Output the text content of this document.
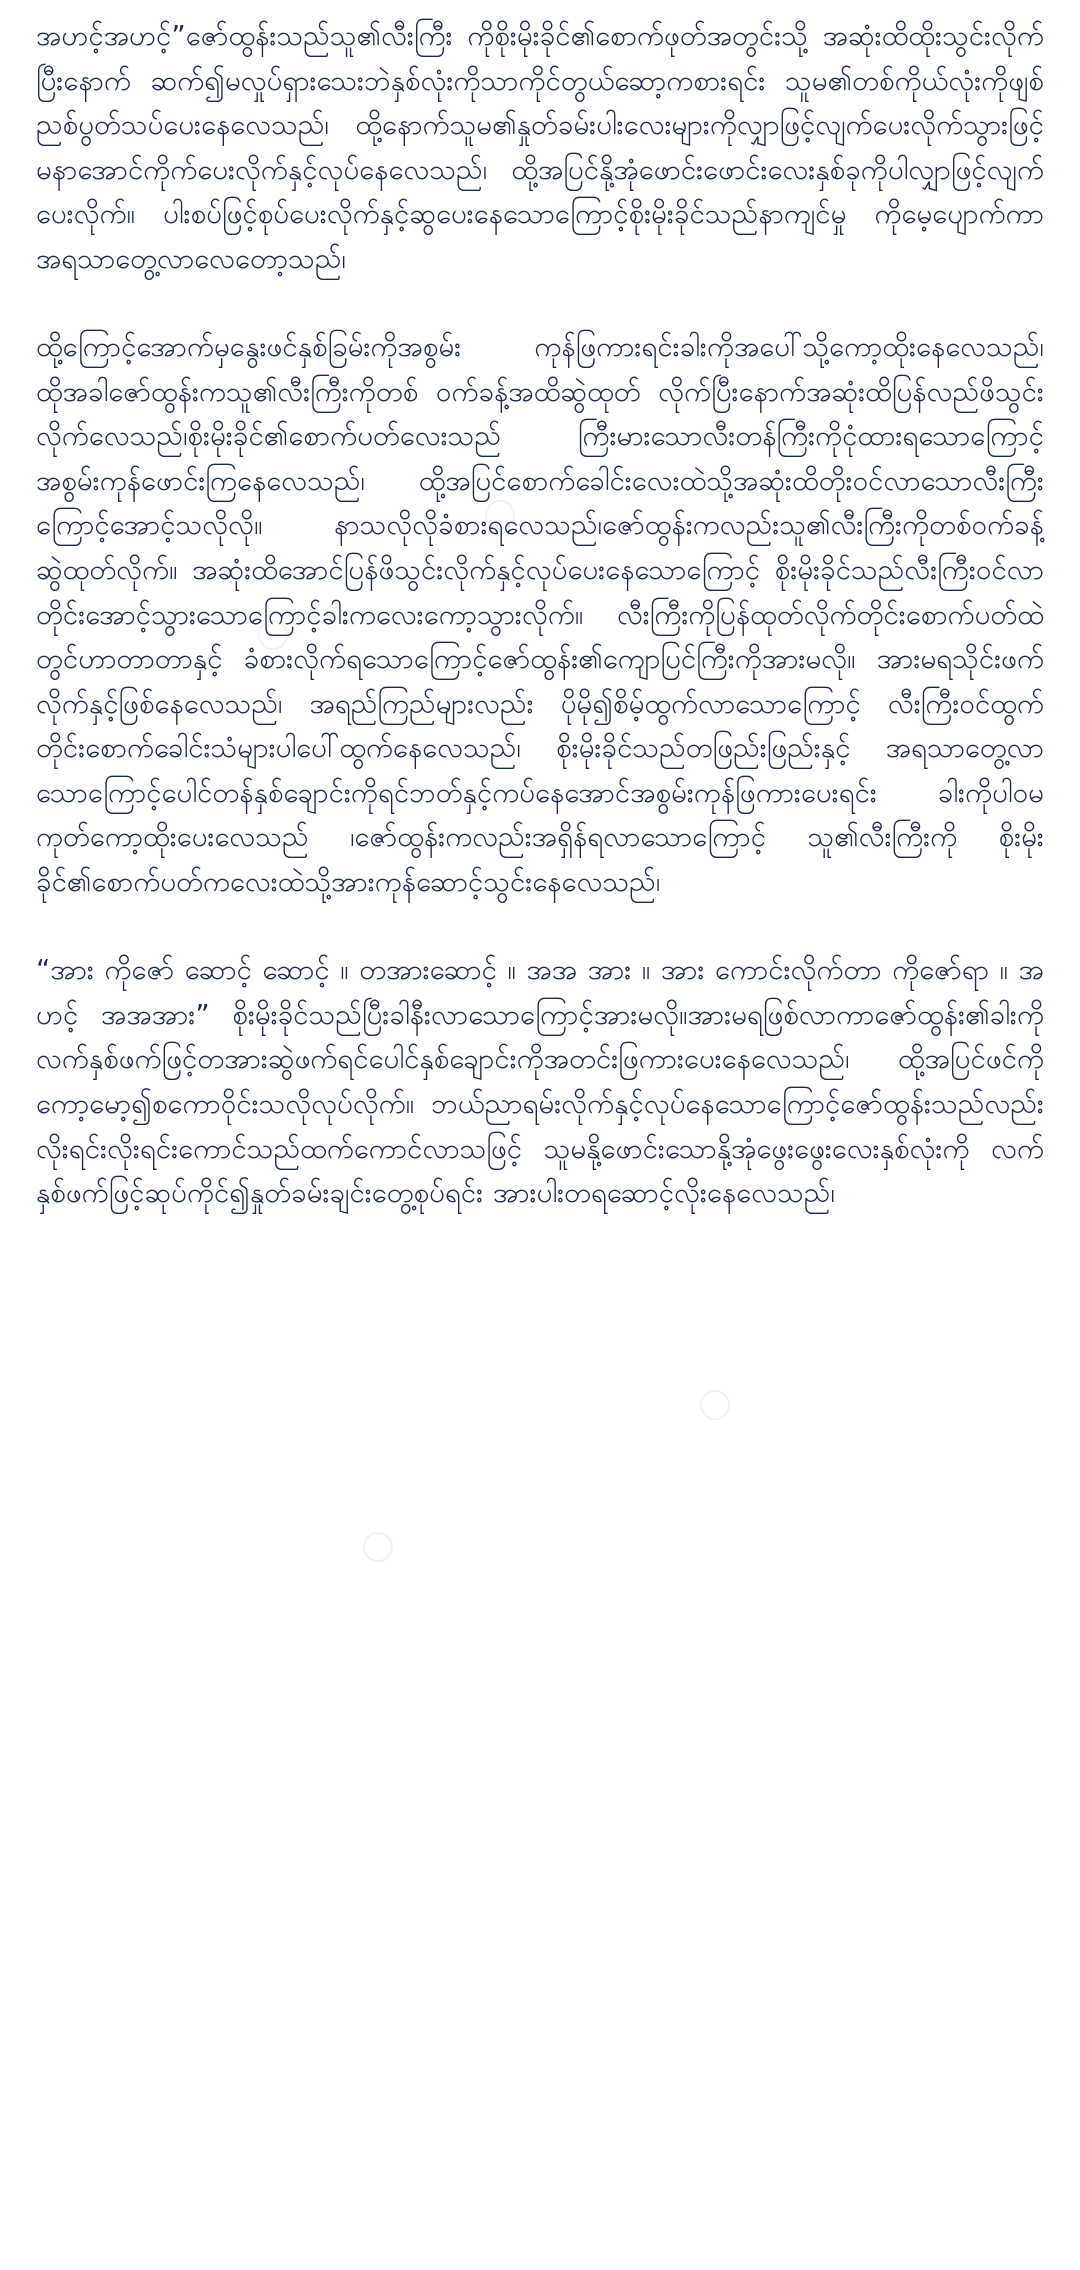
အဟင့်အဟင့်”ဇော်ထွန်းသည်သူ၏လီးကြီး ကိုစိုးမိုးခိုင်၏စောက်ဖုတ်အတွင်းသို့ အဆုံးထိထိုးသွင်းလိုက်ပြီးနောက် ဆက်၍မလှုပ်ရှားသေးဘဲနှစ်လုံးကိုသာကိုင်တွယ်ဆော့ကစားရင်း သူမ၏တစ်ကိုယ်လုံးကိုဖျစ်ညစ်ပွတ်သပ်ပေးနေလေသည်၊ ထို့နောက်သူမ၏နှုတ်ခမ်းပါးလေးများကိုလျှာဖြင့်လျက်ပေးလိုက်သွားဖြင့် မနာအောင်ကိုက်ပေးလိုက်နှင့်လုပ်နေလေသည်၊ ထို့အပြင်နို့အုံဖောင်းဖောင်းလေးနှစ်ခုကိုပါလျှာဖြင့်လျက်ပေးလိုက်။ ပါးစပ်ဖြင့်စုပ်ပေးလိုက်နှင့်ဆွပေးနေသောကြောင့်စိုးမိုးခိုင်သည်နာကျင်မှု ကိုမေ့ပျောက်ကာအရသာတွေ့လာလေတော့သည်၊

ထို့ကြောင့်အောက်မှနွေးဖင်နှစ်ခြမ်းကိုအစွမ်း ကုန်ဖြကားရင်းခါးကိုအပေါ်သို့ကော့ထိုးနေလေသည်၊ ထိုအခါဇော်ထွန်းကသူ၏လီးကြီးကိုတစ် ဝက်ခန့်အထိဆွဲထုတ် လိုက်ပြီးနောက်အဆုံးထိပြန်လည်ဖိသွင်းလိုက်လေသည်၊စိုးမိုးခိုင်၏စောက်ပတ်လေးသည် ကြီးမားသောလီးတန်ကြီးကိုငုံထားရသောကြောင့်အစွမ်းကုန်ဖောင်းကြနေလေသည်၊ ထို့အပြင်စောက်ခေါင်းလေးထဲသို့အဆုံးထိတိုးဝင်လာသောလီးကြီးကြောင့်အောင့်သလိုလို။ နာသလိုလိုခံစားရလေသည်၊ဇော်ထွန်းကလည်းသူ၏လီးကြီးကိုတစ်ဝက်ခန့်ဆွဲထုတ်လိုက်။ အဆုံးထိအောင်ပြန်ဖိသွင်းလိုက်နှင့်လုပ်ပေးနေသောကြောင့် စိုးမိုးခိုင်သည်လီးကြီးဝင်လာတိုင်းအောင့်သွားသောကြောင့်ခါးကလေးကော့သွားလိုက်။ လီးကြီးကိုပြန်ထုတ်လိုက်တိုင်းစောက်ပတ်ထဲတွင်ဟာတာတာနှင့် ခံစားလိုက်ရသောကြောင့်ဇော်ထွန်း၏ကျောပြင်ကြီးကိုအားမလို။ အားမရသိုင်းဖက်လိုက်နှင့်ဖြစ်နေလေသည်၊ အရည်ကြည်များလည်း ပိုမို၍စိမ့်ထွက်လာသောကြောင့် လီးကြီးဝင်ထွက် တိုင်းစောက်ခေါင်းသံများပါပေါ်ထွက်နေလေသည်၊ စိုးမိုးခိုင်သည်တဖြည်းဖြည်းနှင့် အရသာတွေ့လာသောကြောင့်ပေါင်တန်နှစ်ချောင်းကိုရင်ဘတ်နှင့်ကပ်နေအောင်အစွမ်းကုန်ဖြကားပေးရင်း ခါးကိုပါဝမကုတ်ကော့ထိုးပေးလေသည် ၊ဇော်ထွန်းကလည်းအရှိန်ရလာသောကြောင့် သူ၏လီးကြီးကို စိုးမိုးခိုင်၏စောက်ပတ်ကလေးထဲသို့အားကုန်ဆောင့်သွင်းနေလေသည်၊

“အား ကိုဇော် ဆောင့် ဆောင့် ။ တအားဆောင့် ။ အအ အား ။ အား ကောင်းလိုက်တာ ကိုဇော်ရာ ။ အဟင့် အအအား” စိုးမိုးခိုင်သည်ပြီးခါနီးလာသောကြောင့်အားမလို။အားမရဖြစ်လာကာဇော်ထွန်း၏ခါးကိုလက်နှစ်ဖက်ဖြင့်တအားဆွဲဖက်ရင်ပေါင်နှစ်ချောင်းကိုအတင်းဖြကားပေးနေလေသည်၊ ထို့အပြင်ဖင်ကိုကော့မော့၍စကောဝိုင်းသလိုလုပ်လိုက်။ ဘယ်ညာရမ်းလိုက်နှင့်လုပ်နေသောကြောင့်ဇော်ထွန်းသည်လည်းလိုးရင်းလိုးရင်းကောင်သည်ထက်ကောင်လာသဖြင့် သူမနို့ဖောင်းသောနို့အုံဖွေးဖွေးလေးနှစ်လုံးကို လက်နှစ်ဖက်ဖြင့်ဆုပ်ကိုင်၍နှုတ်ခမ်းချင်းတွေ့စုပ်ရင်း အားပါးတရဆောင့်လိုးနေလေသည်၊
